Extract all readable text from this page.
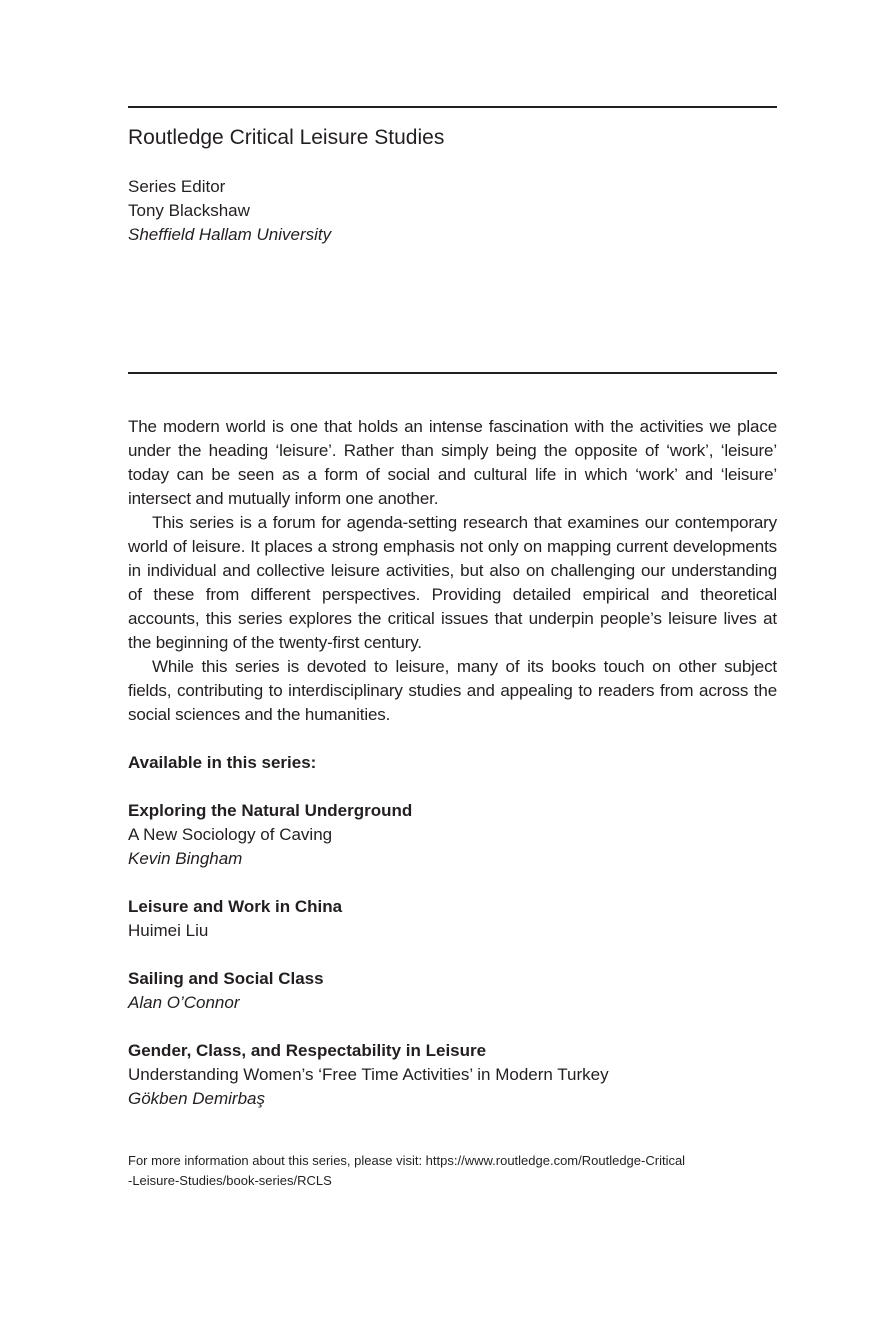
Routledge Critical Leisure Studies
Series Editor
Tony Blackshaw
Sheffield Hallam University

The modern world is one that holds an intense fascination with the activities we place under the heading ‘leisure’. Rather than simply being the opposite of ‘work’, ‘leisure’ today can be seen as a form of social and cultural life in which ‘work’ and ‘leisure’ intersect and mutually inform one another.

This series is a forum for agenda-setting research that examines our contemporary world of leisure. It places a strong emphasis not only on mapping current developments in individual and collective leisure activities, but also on challenging our understanding of these from different perspectives. Providing detailed empirical and theoretical accounts, this series explores the critical issues that underpin people’s leisure lives at the beginning of the twenty-first century.

While this series is devoted to leisure, many of its books touch on other subject fields, contributing to interdisciplinary studies and appealing to readers from across the social sciences and the humanities.

Available in this series:
Exploring the Natural Underground
A New Sociology of Caving
Kevin Bingham
Leisure and Work in China
Huimei Liu
Sailing and Social Class
Alan O’Connor
Gender, Class, and Respectability in Leisure
Understanding Women’s ‘Free Time Activities’ in Modern Turkey
Gökben Demirbaş
For more information about this series, please visit: https://www.routledge.com/Routledge-Critical
-Leisure-Studies/book-series/RCLS
